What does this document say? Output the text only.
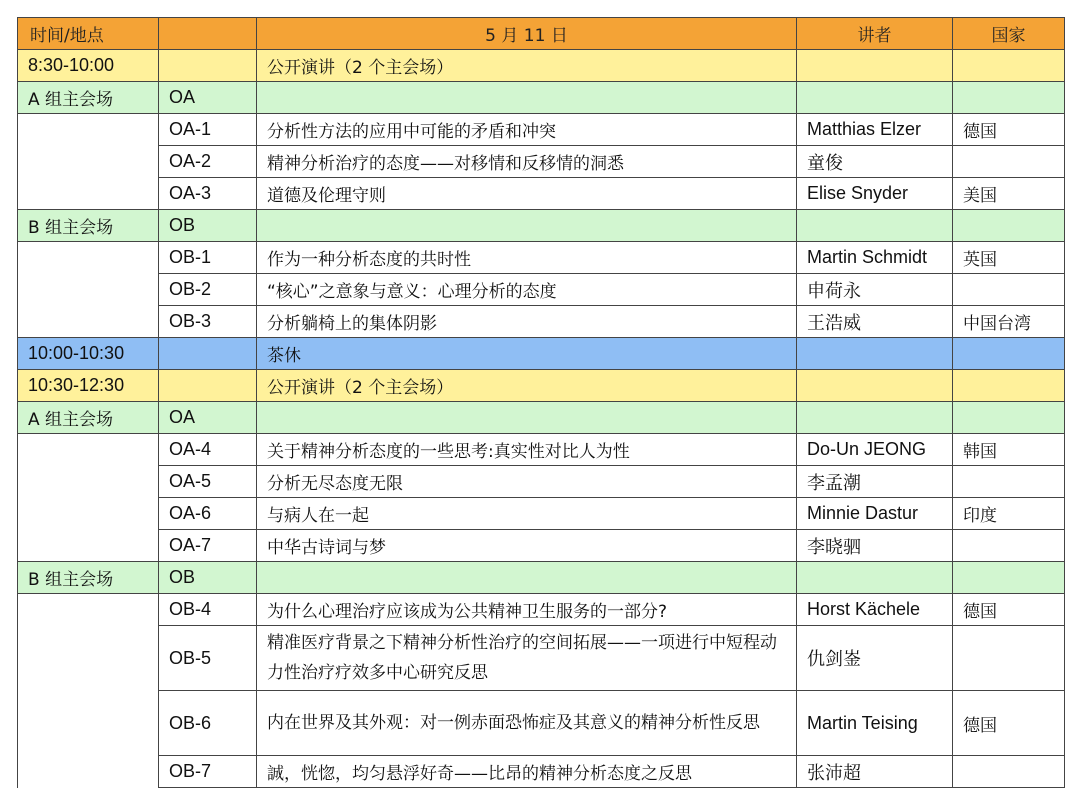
时间/地点		5 月 11 日	讲者	国家
8:30-10:00		公开演讲（2 个主会场）		
A 组主会场	OA			
	OA-1	分析性方法的应用中可能的矛盾和冲突	Matthias Elzer	德国
	OA-2	精神分析治疗的态度——对移情和反移情的洞悉	童俊	
	OA-3	道德及伦理守则	Elise Snyder	美国
B 组主会场	OB			
	OB-1	作为一种分析态度的共时性	Martin Schmidt	英国
	OB-2	“核心”之意象与意义：心理分析的态度	申荷永	
	OB-3	分析躺椅上的集体阴影	王浩威	中国台湾
10:00-10:30		茶休		
10:30-12:30		公开演讲（2 个主会场）		
A 组主会场	OA			
	OA-4	关于精神分析态度的一些思考:真实性对比人为性	Do-Un JEONG	韩国
	OA-5	分析无尽态度无限	李孟潮	
	OA-6	与病人在一起	Minnie Dastur	印度
	OA-7	中华古诗词与梦	李晓驷	
B 组主会场	OB			
	OB-4	为什么心理治疗应该成为公共精神卫生服务的一部分?	Horst Kächele	德国
	OB-5	精准医疗背景之下精神分析性治疗的空间拓展——一项进行中短程动力性治疗疗效多中心研究反思	仇剑崟	
	OB-6	内在世界及其外观：对一例赤面恐怖症及其意义的精神分析性反思	Martin Teising	德国
	OB-7	誠，恍惚，均匀悬浮好奇——比昂的精神分析态度之反思	张沛超	
